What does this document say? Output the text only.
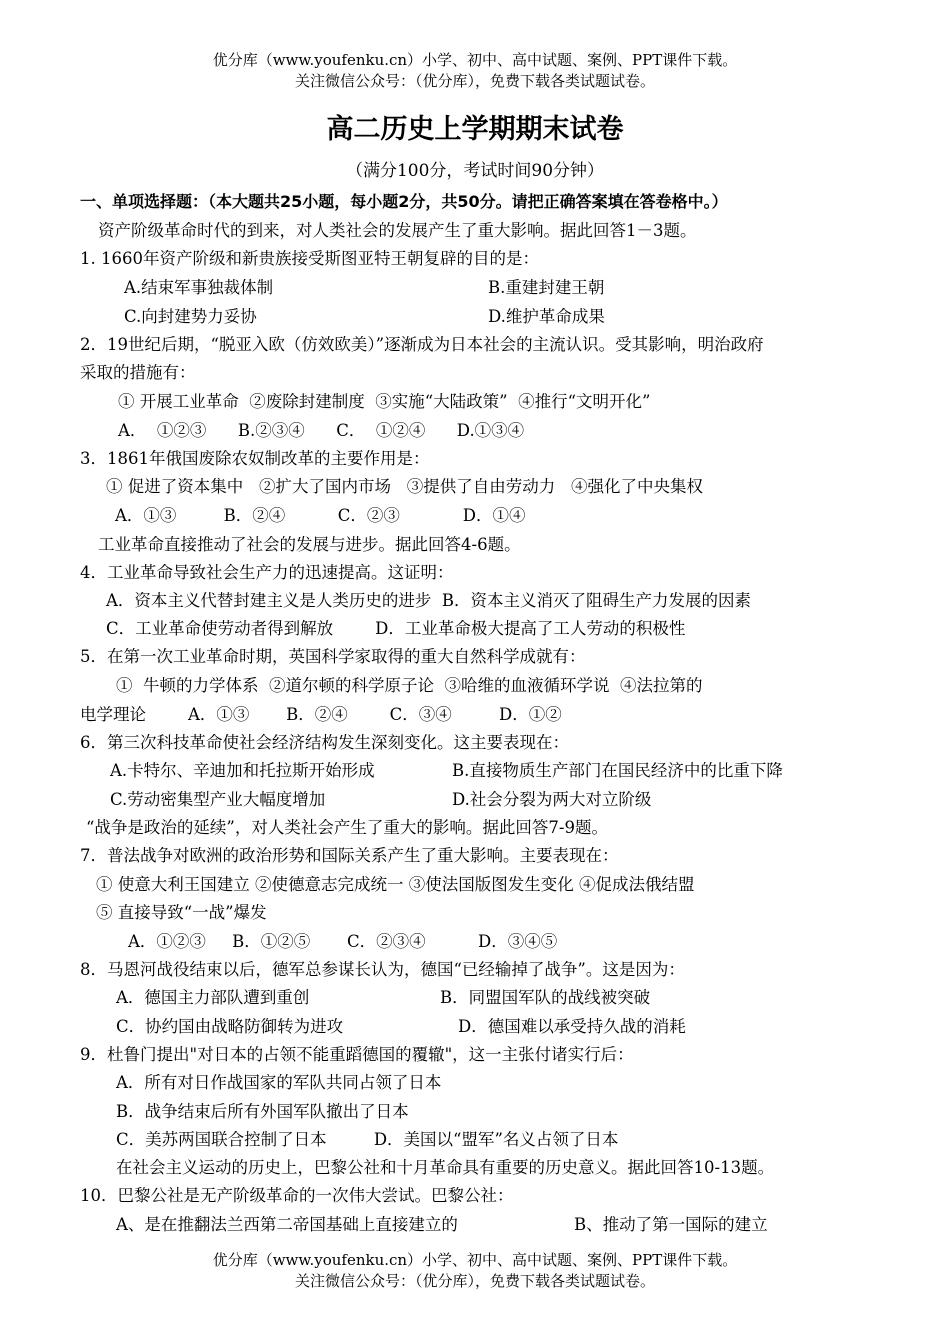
优分库（www.youfenku.cn）小学、初中、高中试题、案例、PPT课件下载。
关注微信公众号：（优分库），免费下载各类试题试卷。
高二历史上学期期末试卷
（满分100分，考试时间90分钟）
一、单项选择题：（本大题共25小题，每小题2分，共50分。请把正确答案填在答卷格中。）
资产阶级革命时代的到来，对人类社会的发展产生了重大影响。据此回答1－3题。
1. 1660年资产阶级和新贵族接受斯图亚特王朝复辟的目的是：
A.结束军事独裁体制	B.重建封建王朝
C.向封建势力妥协	D.维护革命成果
2．19世纪后期，“脱亚入欧（仿效欧美）”逐渐成为日本社会的主流认识。受其影响，明治政府
采取的措施有：
① 开展工业革命  ②废除封建制度  ③实施“大陆政策”  ④推行“文明开化”
A．  ①②③      B.②③④      C．  ①②④      D.①③④
3．1861年俄国废除农奴制改革的主要作用是：
① 促进了资本集中   ②扩大了国内市场   ③提供了自由劳动力   ④强化了中央集权
A．①③         B．②④          C．②③            D．①④
工业革命直接推动了社会的发展与进步。据此回答4-6题。
4．工业革命导致社会生产力的迅速提高。这证明：
A．资本主义代替封建主义是人类历史的进步  B．资本主义消灭了阻碍生产力发展的因素
C．工业革命使劳动者得到解放        D．工业革命极大提高了工人劳动的积极性
5．在第一次工业革命时期，英国科学家取得的重大自然科学成就有：
①  牛顿的力学体系  ②道尔顿的科学原子论  ③哈维的血液循环学说  ④法拉第的
电学理论        A．①③       B．②④        C．③④         D．①②
6．第三次科技革命使社会经济结构发生深刻变化。这主要表现在：
A.卡特尔、辛迪加和托拉斯开始形成	B.直接物质生产部门在国民经济中的比重下降
C.劳动密集型产业大幅度增加	D.社会分裂为两大对立阶级
“战争是政治的延续”，对人类社会产生了重大的影响。据此回答7-9题。
7．普法战争对欧洲的政治形势和国际关系产生了重大影响。主要表现在：
① 使意大利王国建立 ②使德意志完成统一 ③使法国版图发生变化 ④促成法俄结盟
⑤ 直接导致“一战”爆发
A．①②③     B．①②⑤       C．②③④          D．③④⑤
8．马恩河战役结束以后，德军总参谋长认为，德国“已经输掉了战争”。这是因为：
A．德国主力部队遭到重创	B．同盟国军队的战线被突破
C．协约国由战略防御转为进攻	D．德国难以承受持久战的消耗
9．杜鲁门提出"对日本的占领不能重蹈德国的覆辙"，这一主张付诸实行后：
A．所有对日作战国家的军队共同占领了日本
B．战争结束后所有外国军队撤出了日本
C．美苏两国联合控制了日本         D．美国以“盟军”名义占领了日本
在社会主义运动的历史上，巴黎公社和十月革命具有重要的历史意义。据此回答10-13题。
10．巴黎公社是无产阶级革命的一次伟大尝试。巴黎公社：
A、是在推翻法兰西第二帝国基础上直接建立的	B、推动了第一国际的建立
优分库（www.youfenku.cn）小学、初中、高中试题、案例、PPT课件下载。
关注微信公众号：（优分库），免费下载各类试题试卷。
